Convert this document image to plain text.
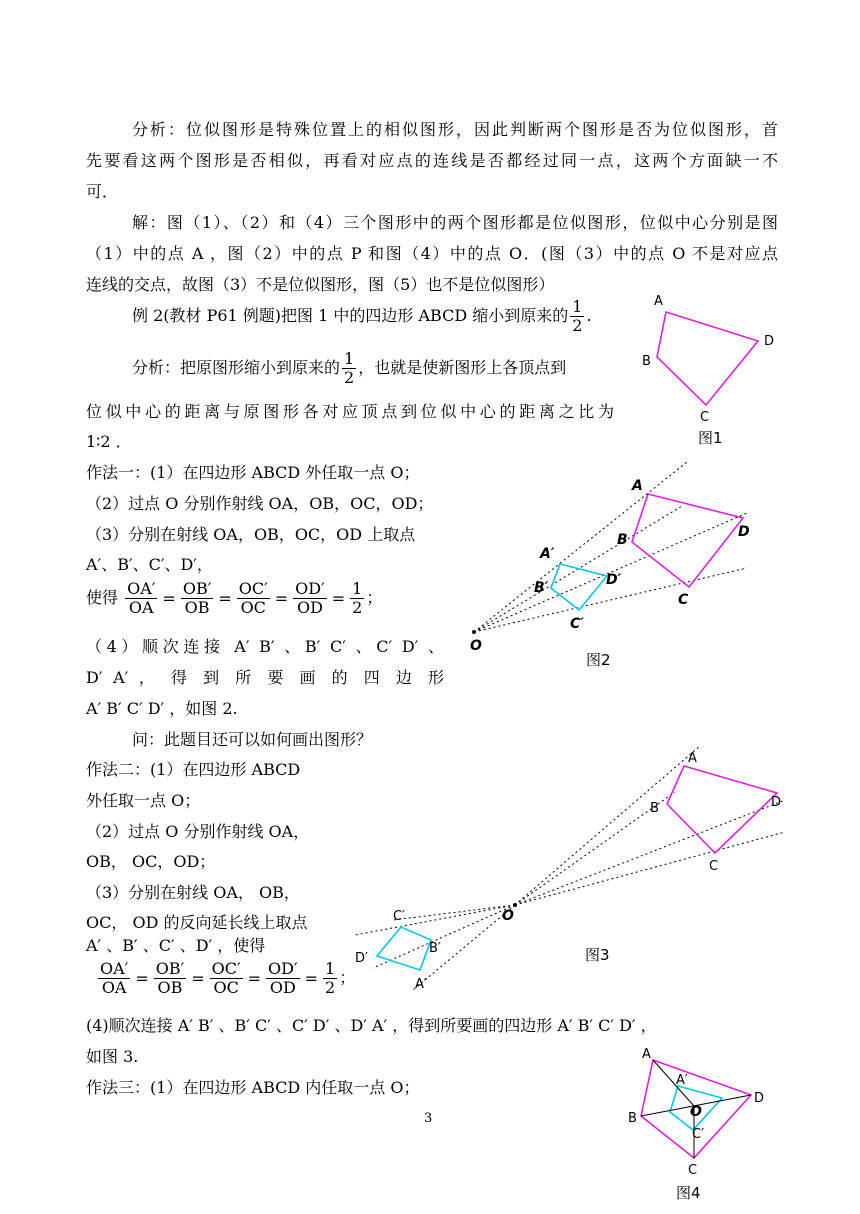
分析：位似图形是特殊位置上的相似图形，因此判断两个图形是否为位似图形，首
先要看这两个图形是否相似，再看对应点的连线是否都经过同一点，这两个方面缺一不
可．
解：图（1）、（2）和（4）三个图形中的两个图形都是位似图形，位似中心分别是图
（1）中的点 A ，图（2）中的点 P 和图（4）中的点 O．(图（3）中的点 O 不是对应点
连线的交点，故图（3）不是位似图形，图（5）也不是位似图形）
例 2(教材 P61 例题)把图 1 中的四边形 ABCD 缩小到原来的 $\frac{1}{2}$ .
分析：把原图形缩小到原来的 $\frac{1}{2}$ ，也就是使新图形上各顶点到
位似中心的距离与原图形各对应顶点到位似中心的距离之比为
1∶2 ．
作法一：(1）在四边形 ABCD 外任取一点 O；
（2）过点 O 分别作射线 OA，OB，OC，OD；
（3）分别在射线 OA，OB，OC，OD 上取点
A′、B′、C′、D′，
使得 $\frac{OA'}{OA} = \frac{OB'}{OB} = \frac{OC'}{OC} = \frac{OD'}{OD} = \frac{1}{2}$ ；
（4）顺次连接 A′ B′ 、B′ C′ 、C′ D′ 、
D′ A′ ， 得 到 所 要 画 的 四 边 形
A′ B′ C′ D′ ，如图 2.
问：此题目还可以如何画出图形？
作法二：(1）在四边形 ABCD
外任取一点 O；
（2）过点 O 分别作射线 OA，
OB， OC，OD；
（3）分别在射线 OA， OB，
OC， OD 的反向延长线上取点
A′ 、B′ 、C′ 、D′ ，使得
$\frac{OA'}{OA} = \frac{OB'}{OB} = \frac{OC'}{OC} = \frac{OD'}{OD} = \frac{1}{2}$ ；
(4)顺次连接 A′ B′ 、B′ C′ 、C′ D′ 、D′ A′ ，得到所要画的四边形 A′ B′ C′ D′ ，
如图 3.
作法三：(1）在四边形 ABCD 内任取一点 O；
3
A
B
C
D
图1
A
B
C
D
A′
B′
C′
D′
O
图2
A
B
C
D
O
A′
B′
C′
D′	图3
A
B
C
D
A′
C′
O
图4
